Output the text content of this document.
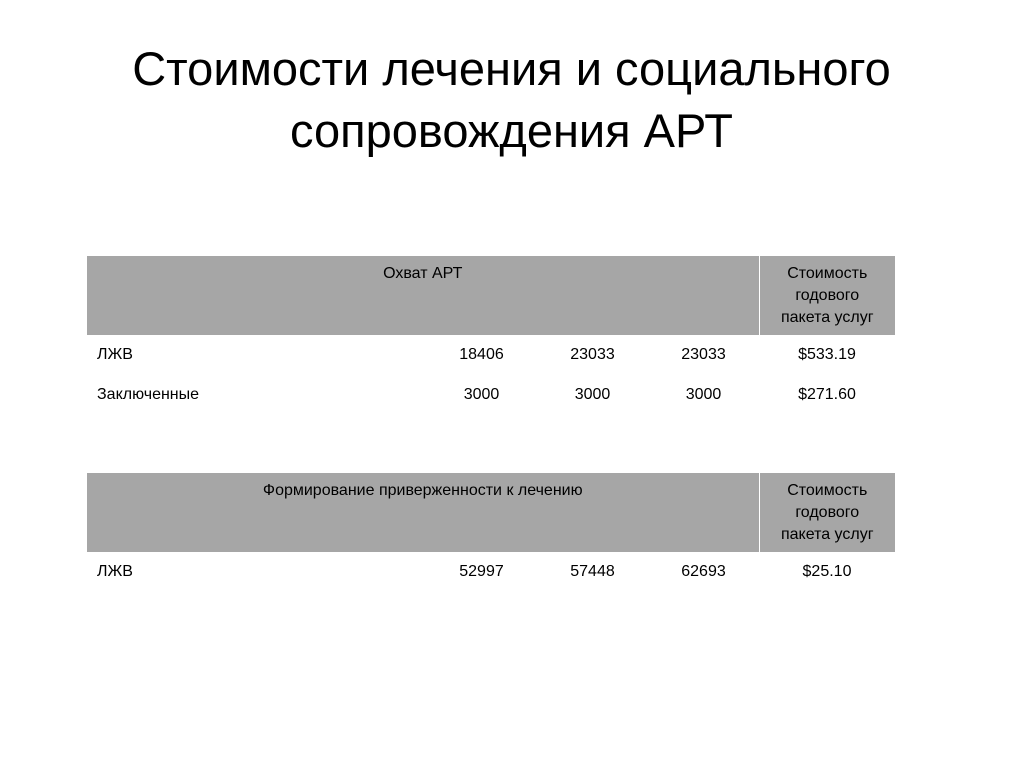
Стоимости лечения и социального
сопровождения АРТ
Охват АРТ				Стоимость
годового
пакета услуг

ЛЖВ	18406	23033	23033	$533.19
Заключенные	3000	3000	3000	$271.60
Формирование приверженности к лечению				Стоимость
годового
пакета услуг

ЛЖВ	52997	57448	62693	$25.10
